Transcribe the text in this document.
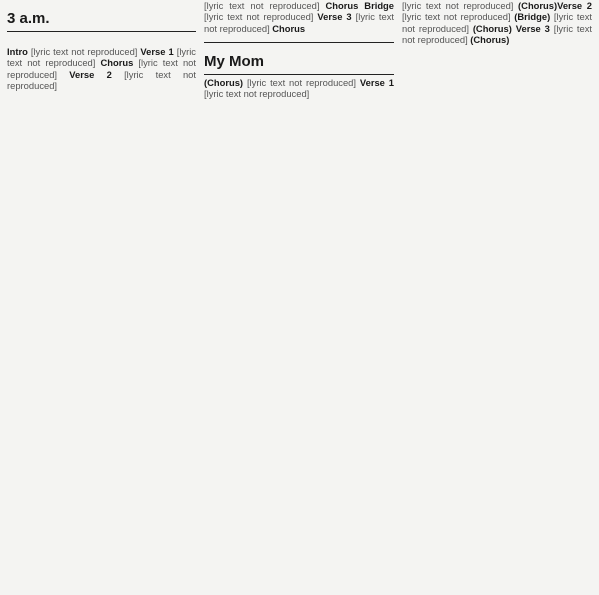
3 a.m.

Intro [lyric text not reproduced] Verse 1 [lyric text not reproduced] Chorus [lyric text not reproduced] Verse 2 [lyric text not reproduced]

[lyric text not reproduced] Chorus Bridge [lyric text not reproduced] Verse 3 [lyric text not reproduced] Chorus

My Mom

(Chorus) [lyric text not reproduced] Verse 1 [lyric text not reproduced]

[lyric text not reproduced] (Chorus)Verse 2 [lyric text not reproduced] (Bridge) [lyric text not reproduced] (Chorus) Verse 3 [lyric text not reproduced] (Chorus)
